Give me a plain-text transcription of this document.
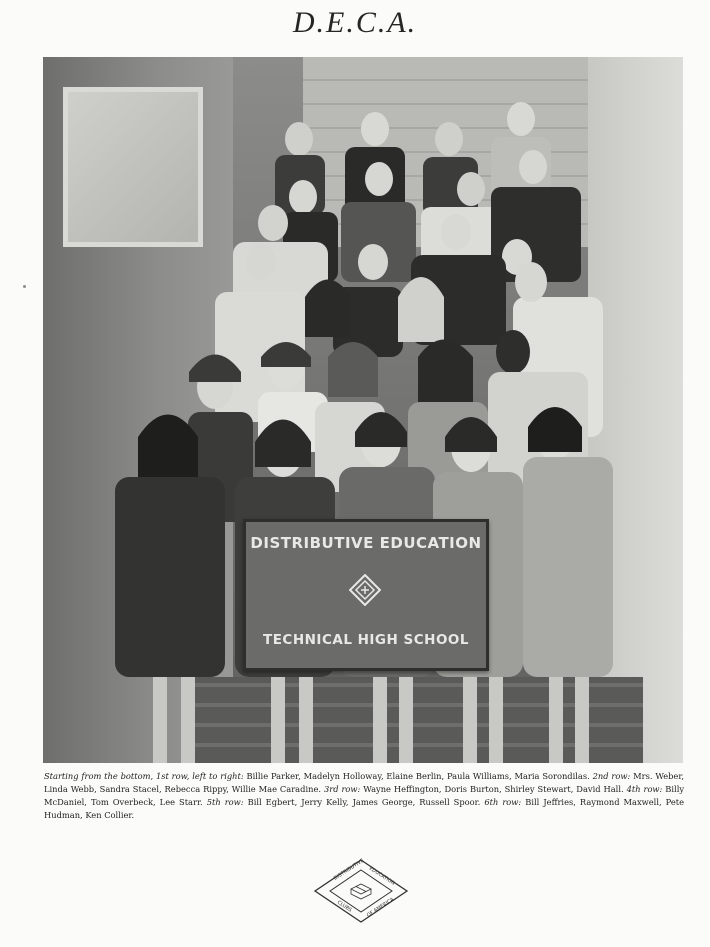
D.E.C.A.
DISTRIBUTIVE EDUCATION
TECHNICAL HIGH SCHOOL

Starting from the bottom, 1st row, left to right: Billie Parker, Madelyn Holloway, Elaine Berlin, Paula Williams, Maria Sorondilas. 2nd row: Mrs. Weber, Linda Webb, Sandra Stacel, Rebecca Rippy, Willie Mae Caradine. 3rd row: Wayne Heffington, Doris Burton, Shirley Stewart, David Hall. 4th row: Billy McDaniel, Tom Overbeck, Lee Starr. 5th row: Bill Egbert, Jerry Kelly, James George, Russell Spoor. 6th row: Bill Jeffries, Raymond Maxwell, Pete Hudman, Ken Collier.

DISTRIBUTIVE EDUCATION
CLUBS	OF AMERICA
